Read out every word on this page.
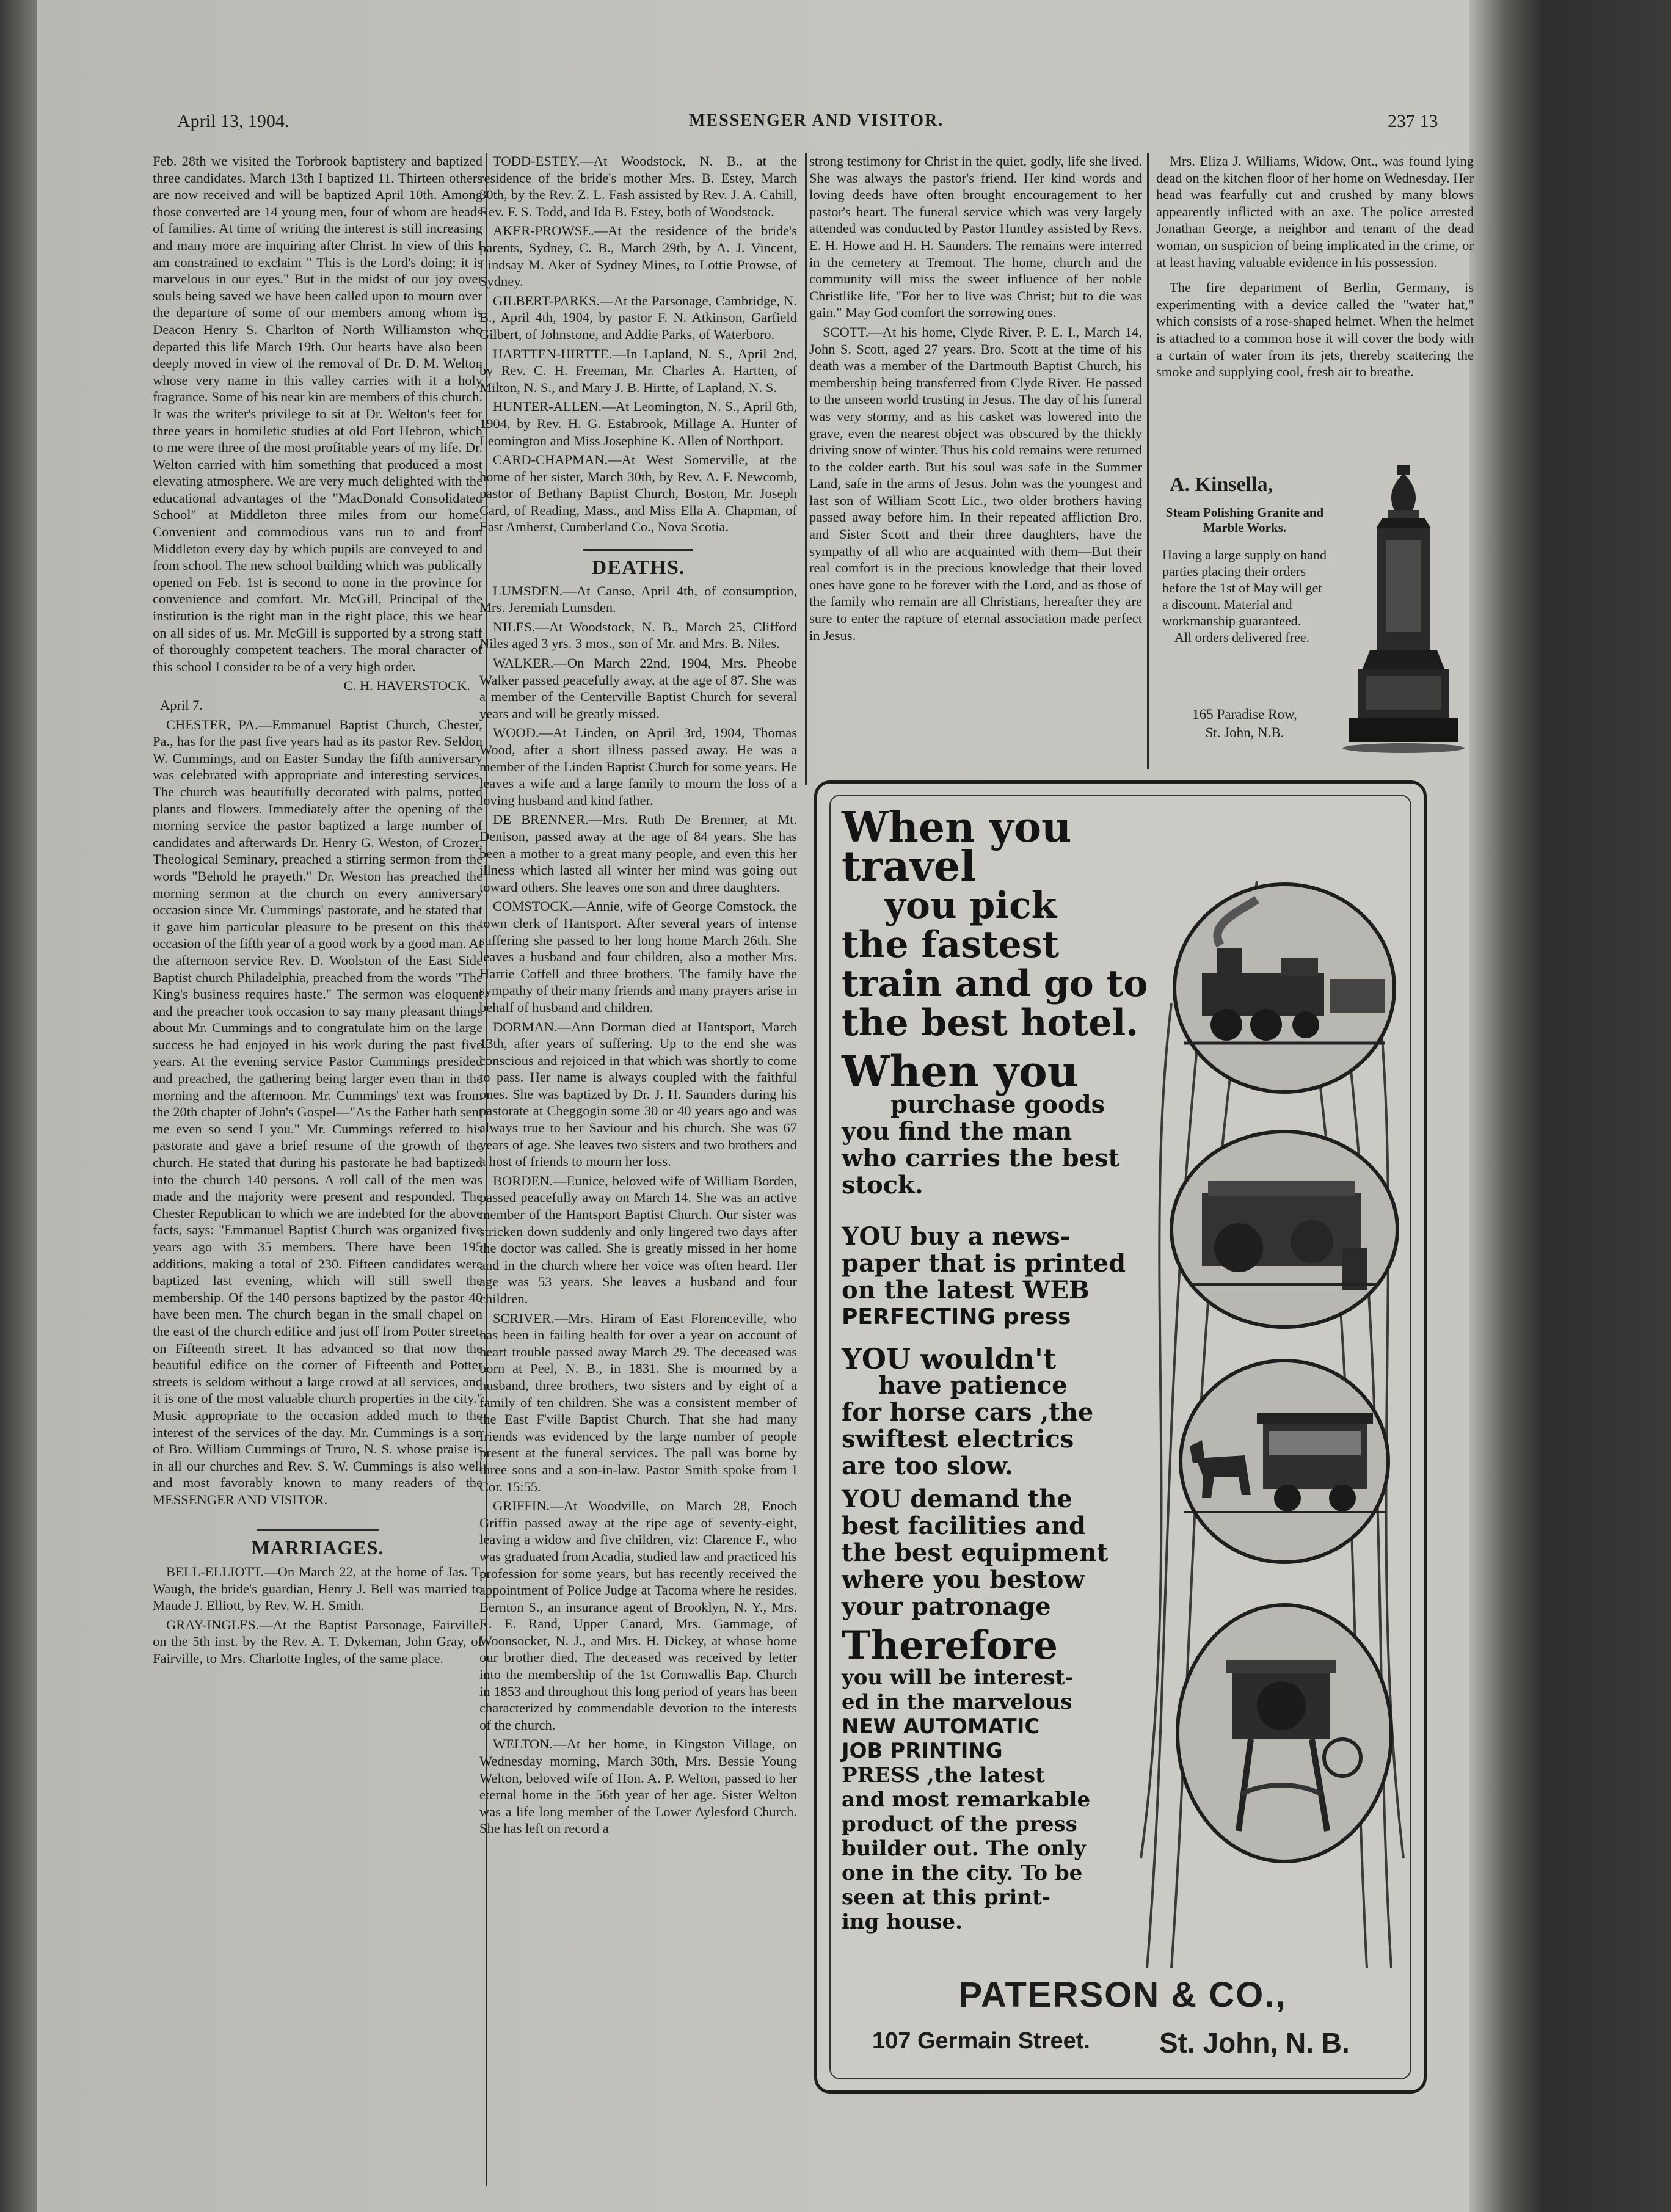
April 13, 1904.	MESSENGER AND VISITOR.	237 13

Feb. 28th we visited the Torbrook baptistery and baptized three candidates. March 13th I baptized 11. Thirteen others are now received and will be baptized April 10th. Among those converted are 14 young men, four of whom are heads of families. At time of writing the interest is still increasing and many more are inquiring after Christ. In view of this I am constrained to exclaim " This is the Lord's doing; it is marvelous in our eyes." But in the midst of our joy over souls being saved we have been called upon to mourn over the departure of some of our members among whom is Deacon Henry S. Charlton of North Williamston who departed this life March 19th. Our hearts have also been deeply moved in view of the removal of Dr. D. M. Welton whose very name in this valley carries with it a holy fragrance. Some of his near kin are members of this church. It was the writer's privilege to sit at Dr. Welton's feet for three years in homiletic studies at old Fort Hebron, which to me were three of the most profitable years of my life. Dr. Welton carried with him something that produced a most elevating atmosphere. We are very much delighted with the educational advantages of the "MacDonald Consolidated School" at Middleton three miles from our home. Convenient and commodious vans run to and from Middleton every day by which pupils are conveyed to and from school. The new school building which was publically opened on Feb. 1st is second to none in the province for convenience and comfort. Mr. McGill, Principal of the institution is the right man in the right place, this we hear on all sides of us. Mr. McGill is supported by a strong staff of thoroughly competent teachers. The moral character of this school I consider to be of a very high order.

C. H. HAVERSTOCK.

April 7.

CHESTER, PA.—Emmanuel Baptist Church, Chester, Pa., has for the past five years had as its pastor Rev. Seldon W. Cummings, and on Easter Sunday the fifth anniversary was celebrated with appropriate and interesting services. The church was beautifully decorated with palms, potted plants and flowers. Immediately after the opening of the morning service the pastor baptized a large number of candidates and afterwards Dr. Henry G. Weston, of Crozer, Theological Seminary, preached a stirring sermon from the words "Behold he prayeth." Dr. Weston has preached the morning sermon at the church on every anniversary occasion since Mr. Cummings' pastorate, and he stated that it gave him particular pleasure to be present on this the occasion of the fifth year of a good work by a good man. At the afternoon service Rev. D. Woolston of the East Side Baptist church Philadelphia, preached from the words "The King's business requires haste." The sermon was eloquent and the preacher took occasion to say many pleasant things about Mr. Cummings and to congratulate him on the large success he had enjoyed in his work during the past five years. At the evening service Pastor Cummings presided and preached, the gathering being larger even than in the morning and the afternoon. Mr. Cummings' text was from the 20th chapter of John's Gospel—"As the Father hath sent me even so send I you." Mr. Cummings referred to his pastorate and gave a brief resume of the growth of the church. He stated that during his pastorate he had baptized into the church 140 persons. A roll call of the men was made and the majority were present and responded. The Chester Republican to which we are indebted for the above facts, says: "Emmanuel Baptist Church was organized five years ago with 35 members. There have been 195 additions, making a total of 230. Fifteen candidates were baptized last evening, which will still swell the membership. Of the 140 persons baptized by the pastor 40 have been men. The church began in the small chapel on the east of the church edifice and just off from Potter street, on Fifteenth street. It has advanced so that now the beautiful edifice on the corner of Fifteenth and Potter streets is seldom without a large crowd at all services, and it is one of the most valuable church properties in the city." Music appropriate to the occasion added much to the interest of the services of the day. Mr. Cummings is a son of Bro. William Cummings of Truro, N. S. whose praise is in all our churches and Rev. S. W. Cummings is also well and most favorably known to many readers of the MESSENGER AND VISITOR.

MARRIAGES.

BELL-ELLIOTT.—On March 22, at the home of Jas. T. Waugh, the bride's guardian, Henry J. Bell was married to Maude J. Elliott, by Rev. W. H. Smith.

GRAY-INGLES.—At the Baptist Parsonage, Fairville, on the 5th inst. by the Rev. A. T. Dykeman, John Gray, of Fairville, to Mrs. Charlotte Ingles, of the same place.

TODD-ESTEY.—At Woodstock, N. B., at the residence of the bride's mother Mrs. B. Estey, March 30th, by the Rev. Z. L. Fash assisted by Rev. J. A. Cahill, Rev. F. S. Todd, and Ida B. Estey, both of Woodstock.

AKER-PROWSE.—At the residence of the bride's parents, Sydney, C. B., March 29th, by A. J. Vincent, Lindsay M. Aker of Sydney Mines, to Lottie Prowse, of Sydney.

GILBERT-PARKS.—At the Parsonage, Cambridge, N. B., April 4th, 1904, by pastor F. N. Atkinson, Garfield Gilbert, of Johnstone, and Addie Parks, of Waterboro.

HARTTEN-HIRTTE.—In Lapland, N. S., April 2nd, by Rev. C. H. Freeman, Mr. Charles A. Hartten, of Milton, N. S., and Mary J. B. Hirtte, of Lapland, N. S.

HUNTER-ALLEN.—At Leomington, N. S., April 6th, 1904, by Rev. H. G. Estabrook, Millage A. Hunter of Leomington and Miss Josephine K. Allen of Northport.

CARD-CHAPMAN.—At West Somerville, at the home of her sister, March 30th, by Rev. A. F. Newcomb, pastor of Bethany Baptist Church, Boston, Mr. Joseph Card, of Reading, Mass., and Miss Ella A. Chapman, of East Amherst, Cumberland Co., Nova Scotia.

DEATHS.

LUMSDEN.—At Canso, April 4th, of consumption, Mrs. Jeremiah Lumsden.

NILES.—At Woodstock, N. B., March 25, Clifford Niles aged 3 yrs. 3 mos., son of Mr. and Mrs. B. Niles.

WALKER.—On March 22nd, 1904, Mrs. Pheobe Walker passed peacefully away, at the age of 87. She was a member of the Centerville Baptist Church for several years and will be greatly missed.

WOOD.—At Linden, on April 3rd, 1904, Thomas Wood, after a short illness passed away. He was a member of the Linden Baptist Church for some years. He leaves a wife and a large family to mourn the loss of a loving husband and kind father.

DE BRENNER.—Mrs. Ruth De Brenner, at Mt. Denison, passed away at the age of 84 years. She has been a mother to a great many people, and even this her illness which lasted all winter her mind was going out toward others. She leaves one son and three daughters.

COMSTOCK.—Annie, wife of George Comstock, the town clerk of Hantsport. After several years of intense suffering she passed to her long home March 26th. She leaves a husband and four children, also a mother Mrs. Harrie Coffell and three brothers. The family have the sympathy of their many friends and many prayers arise in behalf of husband and children.

DORMAN.—Ann Dorman died at Hantsport, March 13th, after years of suffering. Up to the end she was conscious and rejoiced in that which was shortly to come to pass. Her name is always coupled with the faithful ones. She was baptized by Dr. J. H. Saunders during his pastorate at Cheggogin some 30 or 40 years ago and was always true to her Saviour and his church. She was 67 years of age. She leaves two sisters and two brothers and a host of friends to mourn her loss.

BORDEN.—Eunice, beloved wife of William Borden, passed peacefully away on March 14. She was an active member of the Hantsport Baptist Church. Our sister was stricken down suddenly and only lingered two days after the doctor was called. She is greatly missed in her home and in the church where her voice was often heard. Her age was 53 years. She leaves a husband and four children.

SCRIVER.—Mrs. Hiram of East Florenceville, who has been in failing health for over a year on account of heart trouble passed away March 29. The deceased was born at Peel, N. B., in 1831. She is mourned by a husband, three brothers, two sisters and by eight of a family of ten children. She was a consistent member of the East F'ville Baptist Church. That she had many friends was evidenced by the large number of people present at the funeral services. The pall was borne by three sons and a son-in-law. Pastor Smith spoke from I Cor. 15:55.

GRIFFIN.—At Woodville, on March 28, Enoch Griffin passed away at the ripe age of seventy-eight, leaving a widow and five children, viz: Clarence F., who was graduated from Acadia, studied law and practiced his profession for some years, but has recently received the appointment of Police Judge at Tacoma where he resides. Bernton S., an insurance agent of Brooklyn, N. Y., Mrs. R. E. Rand, Upper Canard, Mrs. Gammage, of Woonsocket, N. J., and Mrs. H. Dickey, at whose home our brother died. The deceased was received by letter into the membership of the 1st Cornwallis Bap. Church in 1853 and throughout this long period of years has been characterized by commendable devotion to the interests of the church.

WELTON.—At her home, in Kingston Village, on Wednesday morning, March 30th, Mrs. Bessie Young Welton, beloved wife of Hon. A. P. Welton, passed to her eternal home in the 56th year of her age. Sister Welton was a life long member of the Lower Aylesford Church. She has left on record a

strong testimony for Christ in the quiet, godly, life she lived. She was always the pastor's friend. Her kind words and loving deeds have often brought encouragement to her pastor's heart. The funeral service which was very largely attended was conducted by Pastor Huntley assisted by Revs. E. H. Howe and H. H. Saunders. The remains were interred in the cemetery at Tremont. The home, church and the community will miss the sweet influence of her noble Christlike life, "For her to live was Christ; but to die was gain." May God comfort the sorrowing ones.

SCOTT.—At his home, Clyde River, P. E. I., March 14, John S. Scott, aged 27 years. Bro. Scott at the time of his death was a member of the Dartmouth Baptist Church, his membership being transferred from Clyde River. He passed to the unseen world trusting in Jesus. The day of his funeral was very stormy, and as his casket was lowered into the grave, even the nearest object was obscured by the thickly driving snow of winter. Thus his cold remains were returned to the colder earth. But his soul was safe in the Summer Land, safe in the arms of Jesus. John was the youngest and last son of William Scott Lic., two older brothers having passed away before him. In their repeated affliction Bro. and Sister Scott and their three daughters, have the sympathy of all who are acquainted with them—But their real comfort is in the precious knowledge that their loved ones have gone to be forever with the Lord, and as those of the family who remain are all Christians, hereafter they are sure to enter the rapture of eternal association made perfect in Jesus.

Mrs. Eliza J. Williams, Widow, Ont., was found lying dead on the kitchen floor of her home on Wednesday. Her head was fearfully cut and crushed by many blows appearently inflicted with an axe. The police arrested Jonathan George, a neighbor and tenant of the dead woman, on suspicion of being implicated in the crime, or at least having valuable evidence in his possession.

The fire department of Berlin, Germany, is experimenting with a device called the "water hat," which consists of a rose-shaped helmet. When the helmet is attached to a common hose it will cover the body with a curtain of water from its jets, thereby scattering the smoke and supplying cool, fresh air to breathe.

A. Kinsella,
Steam Polishing Granite and Marble Works.
Having a large supply on hand parties placing their orders before the 1st of May will get a discount. Material and workmanship guaranteed.
All orders delivered free.
165 Paradise Row,
St. John, N.B.
When you travel
you pick
the fastest
train and go to
the best hotel.
When you
purchase goods
you find the man
who carries the best
stock.
YOU buy a news-
paper that is printed
on the latest WEB
PERFECTING press
YOU wouldn't
have patience
for horse cars ,the
swiftest electrics
are too slow.
YOU demand the
best facilities and
the best equipment
where you bestow
your patronage
Therefore
you will be interest-
ed in the marvelous
NEW AUTOMATIC
JOB PRINTING
PRESS ,the latest
and most remarkable
product of the press
builder out. The only
one in the city. To be
seen at this print-
ing house.
PATERSON & CO.,
107 Germain Street. St. John, N. B.
